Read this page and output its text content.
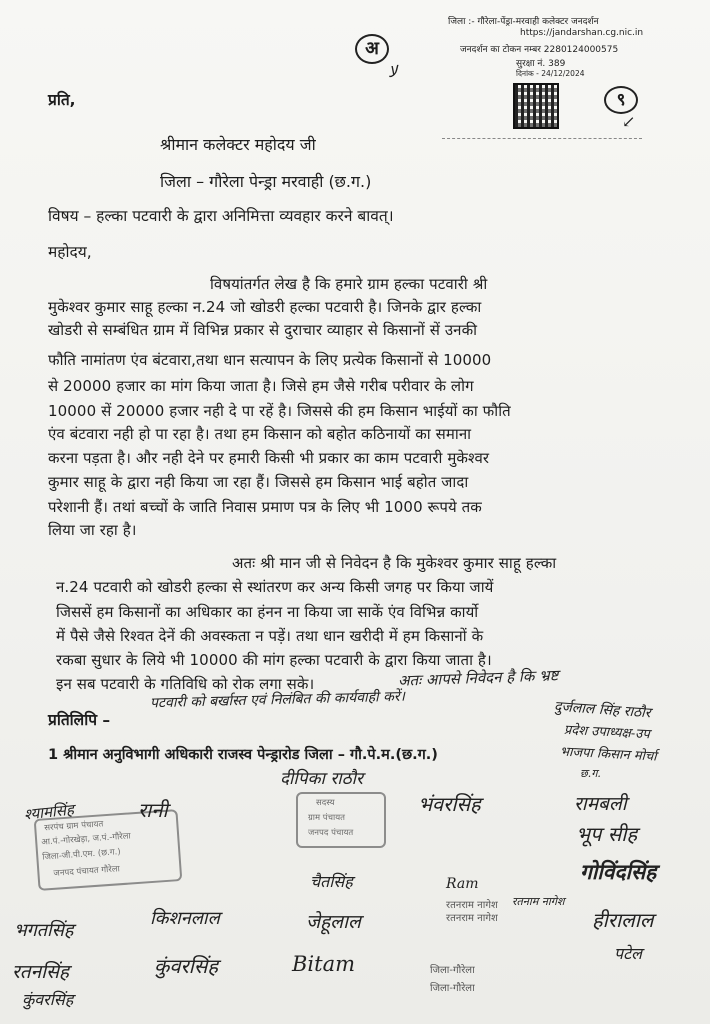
अ
ﻻ
९
↙
जिला :- गौरेला-पेंड्रा-मरवाही कलेक्टर जनदर्शन
https://jandarshan.cg.nic.in
जनदर्शन का टोकन नम्बर 2280124000575
सुरक्षा नं. 389
दिनांक - 24/12/2024
प्रति,
श्रीमान कलेक्टर महोदय जी
जिला – गौरेला पेन्ड्रा मरवाही (छ.ग.)
विषय – हल्का पटवारी के द्वारा अनिमित्ता व्यवहार करने बावत्।
महोदय,
विषयांतर्गत लेख है कि हमारे ग्राम हल्का पटवारी श्री
मुकेश्वर कुमार साहू हल्का न.24 जो खोडरी हल्का पटवारी है। जिनके द्वार हल्का
खोडरी से सम्बंधित ग्राम में विभिन्न प्रकार से दुराचार व्याहार से किसानों सें उनकी
फौति नामांतण एंव बंटवारा,तथा धान सत्यापन के लिए प्रत्येक किसानों से 10000
से 20000 हजार का मांग किया जाता है। जिसे हम जैसे गरीब परीवार के लोग
10000 सें 20000 हजार नही दे पा रहें है। जिससे की हम किसान भाईयों का फौति
एंव बंटवारा नही हो पा रहा है। तथा हम किसान को बहोत कठिनायों का समाना
करना पड़ता है। और नही देने पर हमारी किसी भी प्रकार का काम पटवारी मुकेश्वर
कुमार साहू के द्वारा नही किया जा रहा हैं। जिससे हम किसान भाई बहोत जादा
परेशानी हैं। तथां बच्चों के जाति निवास प्रमाण पत्र के लिए भी 1000 रूपये तक
लिया जा रहा है।
अतः श्री मान जी से निवेदन है कि मुकेश्वर कुमार साहू हल्का
न.24 पटवारी को खोडरी हल्का से स्थांतरण कर अन्य किसी जगह पर किया जायें
जिससें हम किसानों का अधिकार का हंनन ना किया जा साकें एंव विभिन्न कार्यो
में पैसे जैसे रिश्वत देनें की अवस्कता न पड़ें। तथा धान खरीदी में हम किसानों के
रकबा सुधार के लिये भी 10000 की मांग हल्का पटवारी के द्वारा किया जाता है।
इन सब पटवारी के गतिविधि को रोक लगा सके।	अतः आपसे निवेदन है कि भ्रष्ट
पटवारी को बर्खास्त एवं निलंबित की कार्यवाही करें।
प्रतिलिपि –
1 श्रीमान अनुविभागी अधिकारी राजस्व पेन्ड्रारोड जिला – गौ.पे.म.(छ.ग.)
दुर्जलाल सिंह राठौर
प्रदेश उपाध्यक्ष-उप
भाजपा किसान मोर्चा
छ.ग.
दीपिका राठौर
सदस्य
ग्राम पंचायत
जनपद पंचायत
सरपंच ग्राम पंचायत
आ.पं.-गोरखेड़ा, ज.पं.-गौरेला
जिला-जी.पी.एम. (छ.ग.)
जनपद पंचायत गौरेला
श्यामसिंह	रानी	भंवरसिंह	रामबली
भूप सीह
गोविंदसिंह
चैतसिंह	Ram
रतनराम नागेश
रतनराम नागेश
रतनाम नागेश
भगतसिंह
किशनलाल	जेहूलाल	हीरालाल
पटेल
रतनसिंह	कुंवरसिंह	Bitam
कुंवरसिंह
जिला-गौरेला
जिला-गौरेला
